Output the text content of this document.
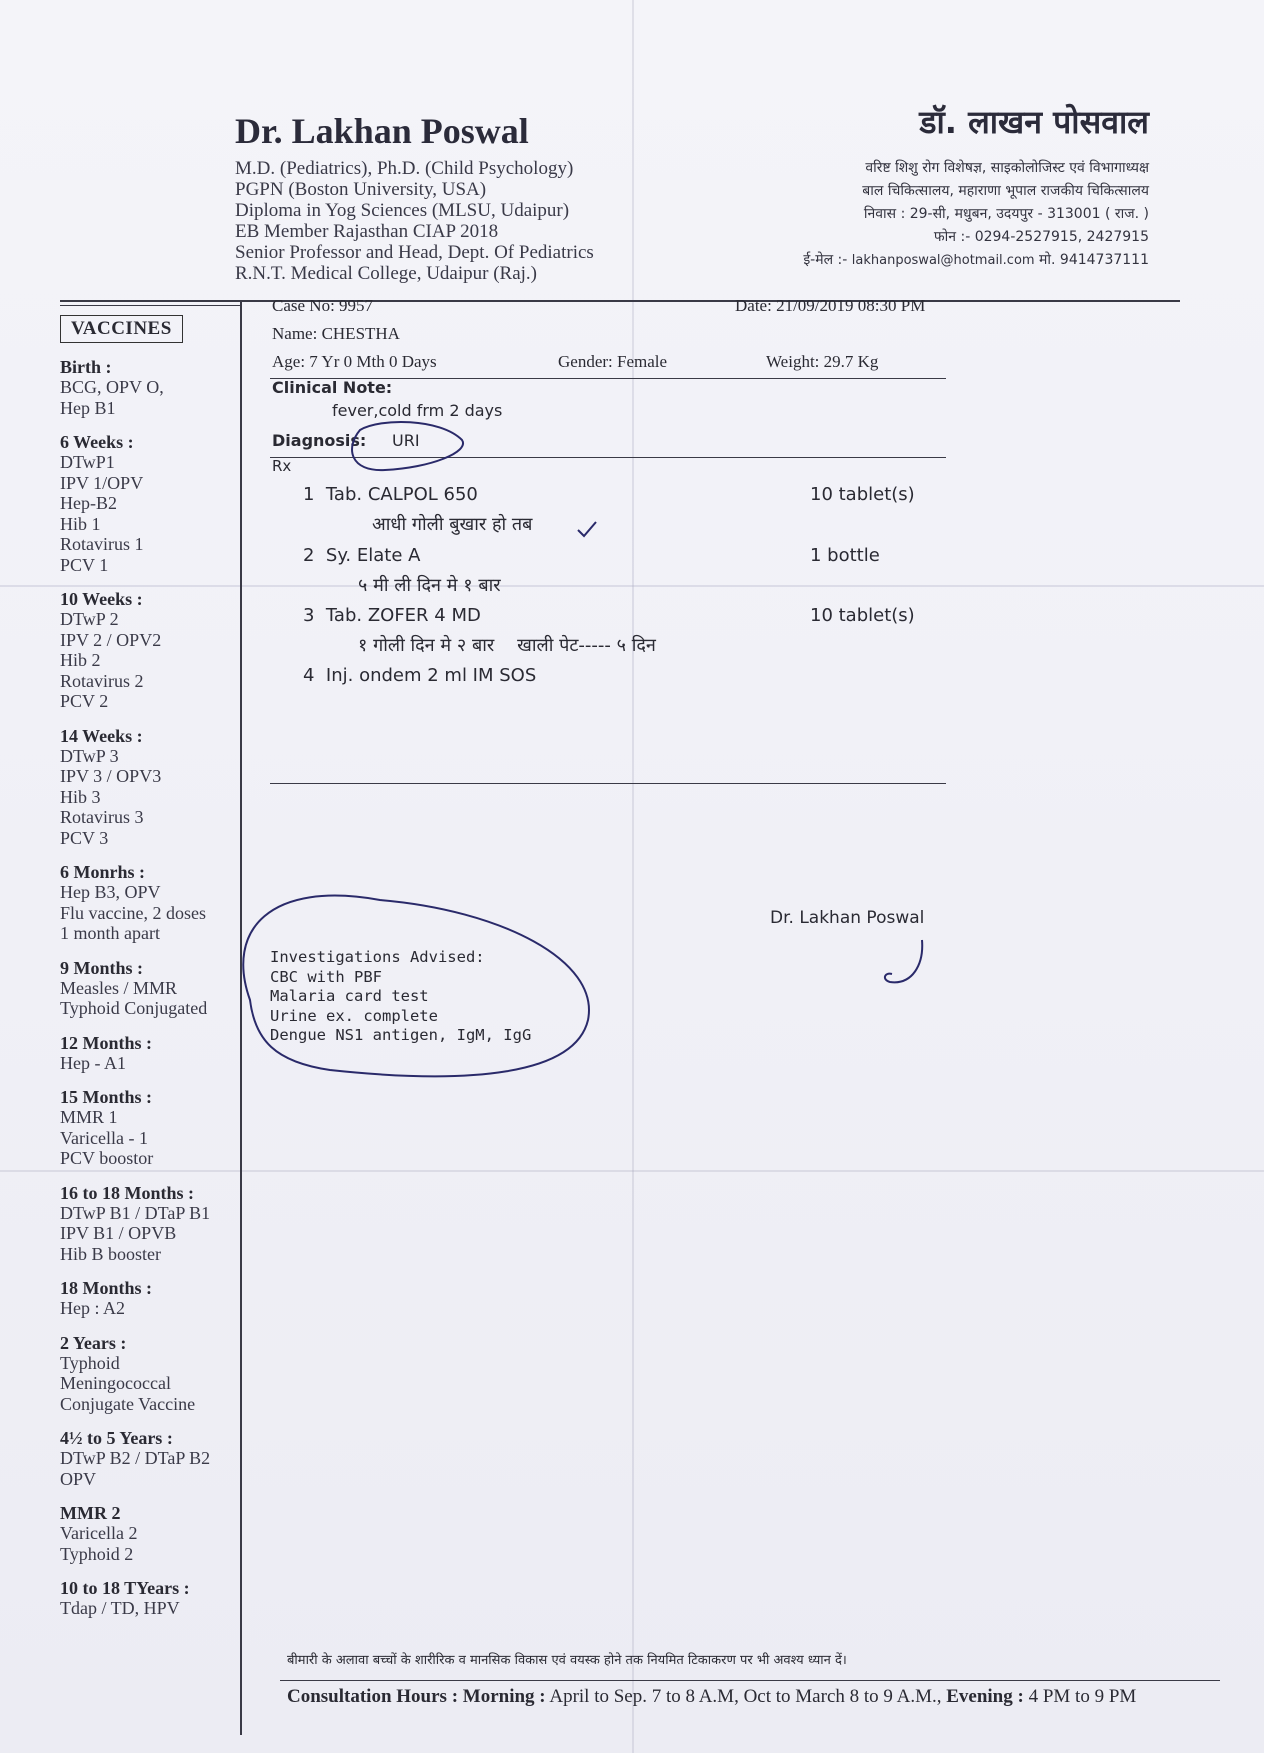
Dr. Lakhan Poswal
M.D. (Pediatrics), Ph.D. (Child Psychology)
PGPN (Boston University, USA)
Diploma in Yog Sciences (MLSU, Udaipur)
EB Member Rajasthan CIAP 2018
Senior Professor and Head, Dept. Of Pediatrics
R.N.T. Medical College, Udaipur (Raj.)
डॉ. लाखन पोसवाल
वरिष्ट शिशु रोग विशेषज्ञ, साइकोलोजिस्ट एवं विभागाध्यक्ष
बाल चिकित्सालय, महाराणा भूपाल राजकीय चिकित्सालय
निवास : 29-सी, मधुबन, उदयपुर - 313001 ( राज. )
फोन :- 0294-2527915, 2427915
ई-मेल :- lakhanposwal@hotmail.com मो. 9414737111
VACCINES
Birth :
BCG, OPV O,
Hep B1
6 Weeks :
DTwP1
IPV 1/OPV
Hep-B2
Hib 1
Rotavirus 1
PCV 1
10 Weeks :
DTwP 2
IPV 2 / OPV2
Hib 2
Rotavirus 2
PCV 2
14 Weeks :
DTwP 3
IPV 3 / OPV3
Hib 3
Rotavirus 3
PCV 3
6 Monrhs :
Hep B3, OPV
Flu vaccine, 2 doses
1 month apart
9 Months :
Measles / MMR
Typhoid Conjugated
12 Months :
Hep - A1
15 Months :
MMR 1
Varicella - 1
PCV boostor
16 to 18 Months :
DTwP B1 / DTaP B1
IPV B1 / OPVB
Hib B booster
18 Months :
Hep : A2
2 Years :
Typhoid
Meningococcal
Conjugate Vaccine
4½ to 5 Years :
DTwP B2 / DTaP B2
OPV
MMR 2
Varicella 2
Typhoid 2
10 to 18 TYears :
Tdap / TD, HPV
Case No: 9957	Date: 21/09/2019 08:30 PM
Name: CHESTHA
Age: 7 Yr 0 Mth 0 Days	Gender: Female	Weight: 29.7 Kg
Clinical Note:
fever,cold frm 2 days
Diagnosis: URI
Rx
1 Tab. CALPOL 650	10 tablet(s)
आधी गोली बुखार हो तब
2 Sy. Elate A	1 bottle
५ मी ली दिन मे १ बार
3 Tab. ZOFER 4 MD	10 tablet(s)
१ गोली दिन मे २ बार    खाली पेट----- ५ दिन
4 Inj. ondem 2 ml IM SOS
Dr. Lakhan Poswal
Investigations Advised:
CBC with PBF
Malaria card test
Urine ex. complete
Dengue NS1 antigen, IgM, IgG
बीमारी के अलावा बच्चों के शारीरिक व मानसिक विकास एवं वयस्क होने तक नियमित टिकाकरण पर भी अवश्य ध्यान दें।
Consultation Hours : Morning : April to Sep. 7 to 8 A.M, Oct to March 8 to 9 A.M., Evening : 4 PM to 9 PM
